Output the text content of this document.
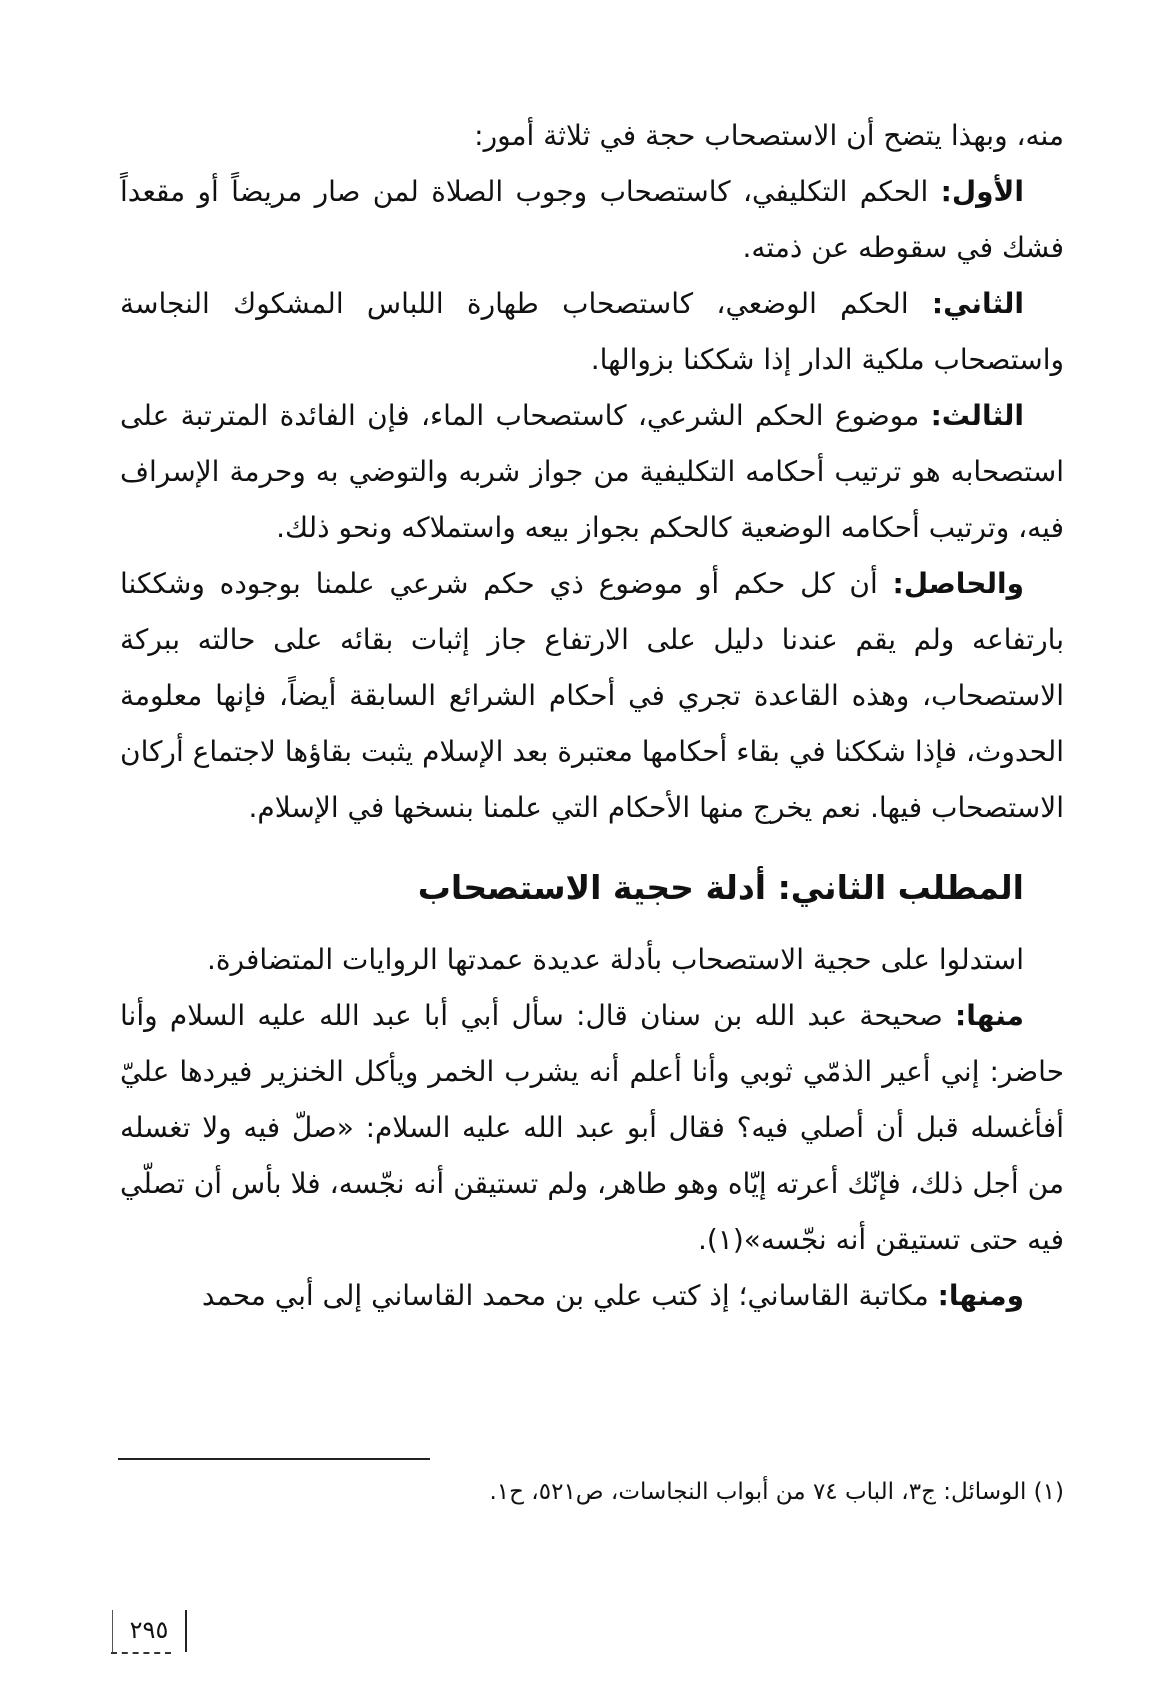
منه، وبهذا يتضح أن الاستصحاب حجة في ثلاثة أمور:

الأول: الحكم التكليفي، كاستصحاب وجوب الصلاة لمن صار مريضاً أو مقعداً فشك في سقوطه عن ذمته.

الثاني: الحكم الوضعي، كاستصحاب طهارة اللباس المشكوك النجاسة واستصحاب ملكية الدار إذا شككنا بزوالها.

الثالث: موضوع الحكم الشرعي، كاستصحاب الماء، فإن الفائدة المترتبة على استصحابه هو ترتيب أحكامه التكليفية من جواز شربه والتوضي به وحرمة الإسراف فيه، وترتيب أحكامه الوضعية كالحكم بجواز بيعه واستملاكه ونحو ذلك.

والحاصل: أن كل حكم أو موضوع ذي حكم شرعي علمنا بوجوده وشككنا بارتفاعه ولم يقم عندنا دليل على الارتفاع جاز إثبات بقائه على حالته ببركة الاستصحاب، وهذه القاعدة تجري في أحكام الشرائع السابقة أيضاً، فإنها معلومة الحدوث، فإذا شككنا في بقاء أحكامها معتبرة بعد الإسلام يثبت بقاؤها لاجتماع أركان الاستصحاب فيها. نعم يخرج منها الأحكام التي علمنا بنسخها في الإسلام.

المطلب الثاني: أدلة حجية الاستصحاب

استدلوا على حجية الاستصحاب بأدلة عديدة عمدتها الروايات المتضافرة.

منها: صحيحة عبد الله بن سنان قال: سأل أبي أبا عبد الله عليه السلام وأنا حاضر: إني أعير الذمّي ثوبي وأنا أعلم أنه يشرب الخمر ويأكل الخنزير فيردها عليّ أفأغسله قبل أن أصلي فيه؟ فقال أبو عبد الله عليه السلام: «صلّ فيه ولا تغسله من أجل ذلك، فإنّك أعرته إيّاه وهو طاهر، ولم تستيقن أنه نجّسه، فلا بأس أن تصلّي فيه حتى تستيقن أنه نجّسه»(١).

ومنها: مكاتبة القاساني؛ إذ كتب علي بن محمد القاساني إلى أبي محمد

(١) الوسائل: ج٣، الباب ٧٤ من أبواب النجاسات، ص٥٢١، ح١.
٢٩٥
